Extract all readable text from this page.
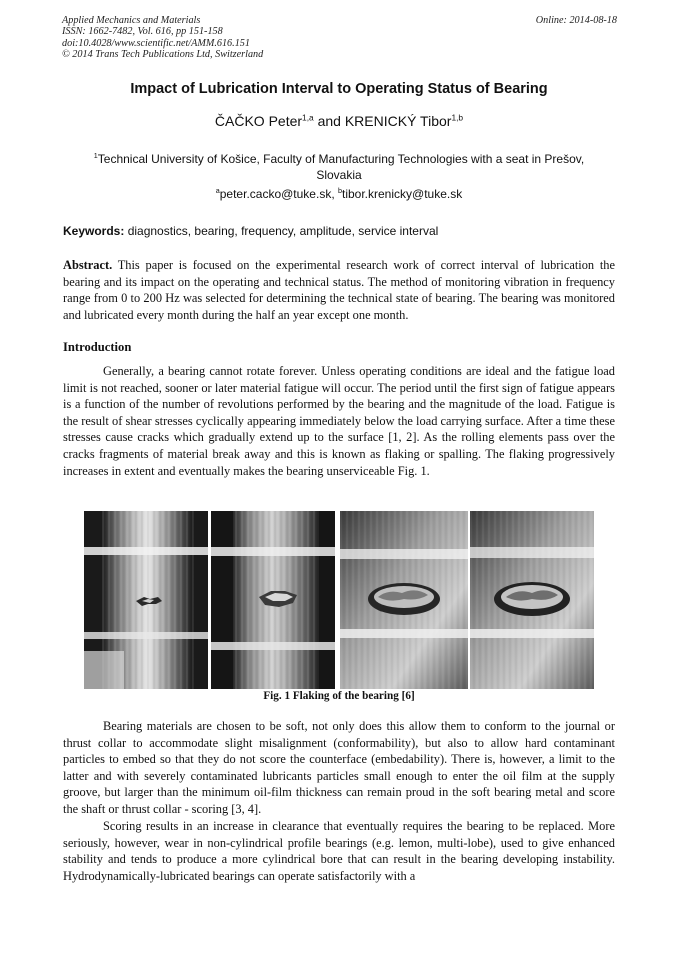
Applied Mechanics and Materials
ISSN: 1662-7482, Vol. 616, pp 151-158
doi:10.4028/www.scientific.net/AMM.616.151
© 2014 Trans Tech Publications Ltd, Switzerland
Online: 2014-08-18
Impact of Lubrication Interval to Operating Status of Bearing
ČAČKO Peter$^{1,a}$ and KRENICKÝ Tibor$^{1,b}$
$^1$Technical University of Košice, Faculty of Manufacturing Technologies with a seat in Prešov, Slovakia
$^a$peter.cacko@tuke.sk, $^b$tibor.krenicky@tuke.sk
Keywords: diagnostics, bearing, frequency, amplitude, service interval
Abstract. This paper is focused on the experimental research work of correct interval of lubrication the bearing and its impact on the operating and technical status. The method of monitoring vibration in frequency range from 0 to 200 Hz was selected for determining the technical state of bearing. The bearing was monitored and lubricated every month during the half an year except one month.
Introduction
Generally, a bearing cannot rotate forever. Unless operating conditions are ideal and the fatigue load limit is not reached, sooner or later material fatigue will occur. The period until the first sign of fatigue appears is a function of the number of revolutions performed by the bearing and the magnitude of the load. Fatigue is the result of shear stresses cyclically appearing immediately below the load carrying surface. After a time these stresses cause cracks which gradually extend up to the surface [1, 2]. As the rolling elements pass over the cracks fragments of material break away and this is known as flaking or spalling. The flaking progressively increases in extent and eventually makes the bearing unserviceable Fig. 1.
Fig. 1 Flaking of the bearing [6]
Bearing materials are chosen to be soft, not only does this allow them to conform to the journal or thrust collar to accommodate slight misalignment (conformability), but also to allow hard contaminant particles to embed so that they do not score the counterface (embedability). There is, however, a limit to the latter and with severely contaminated lubricants particles small enough to enter the oil film at the supply groove, but larger than the minimum oil-film thickness can remain proud in the soft bearing metal and score the shaft or thrust collar - scoring [3, 4].
Scoring results in an increase in clearance that eventually requires the bearing to be replaced. More seriously, however, wear in non-cylindrical profile bearings (e.g. lemon, multi-lobe), used to give enhanced stability and tends to produce a more cylindrical bore that can result in the bearing developing instability. Hydrodynamically-lubricated bearings can operate satisfactorily with a
